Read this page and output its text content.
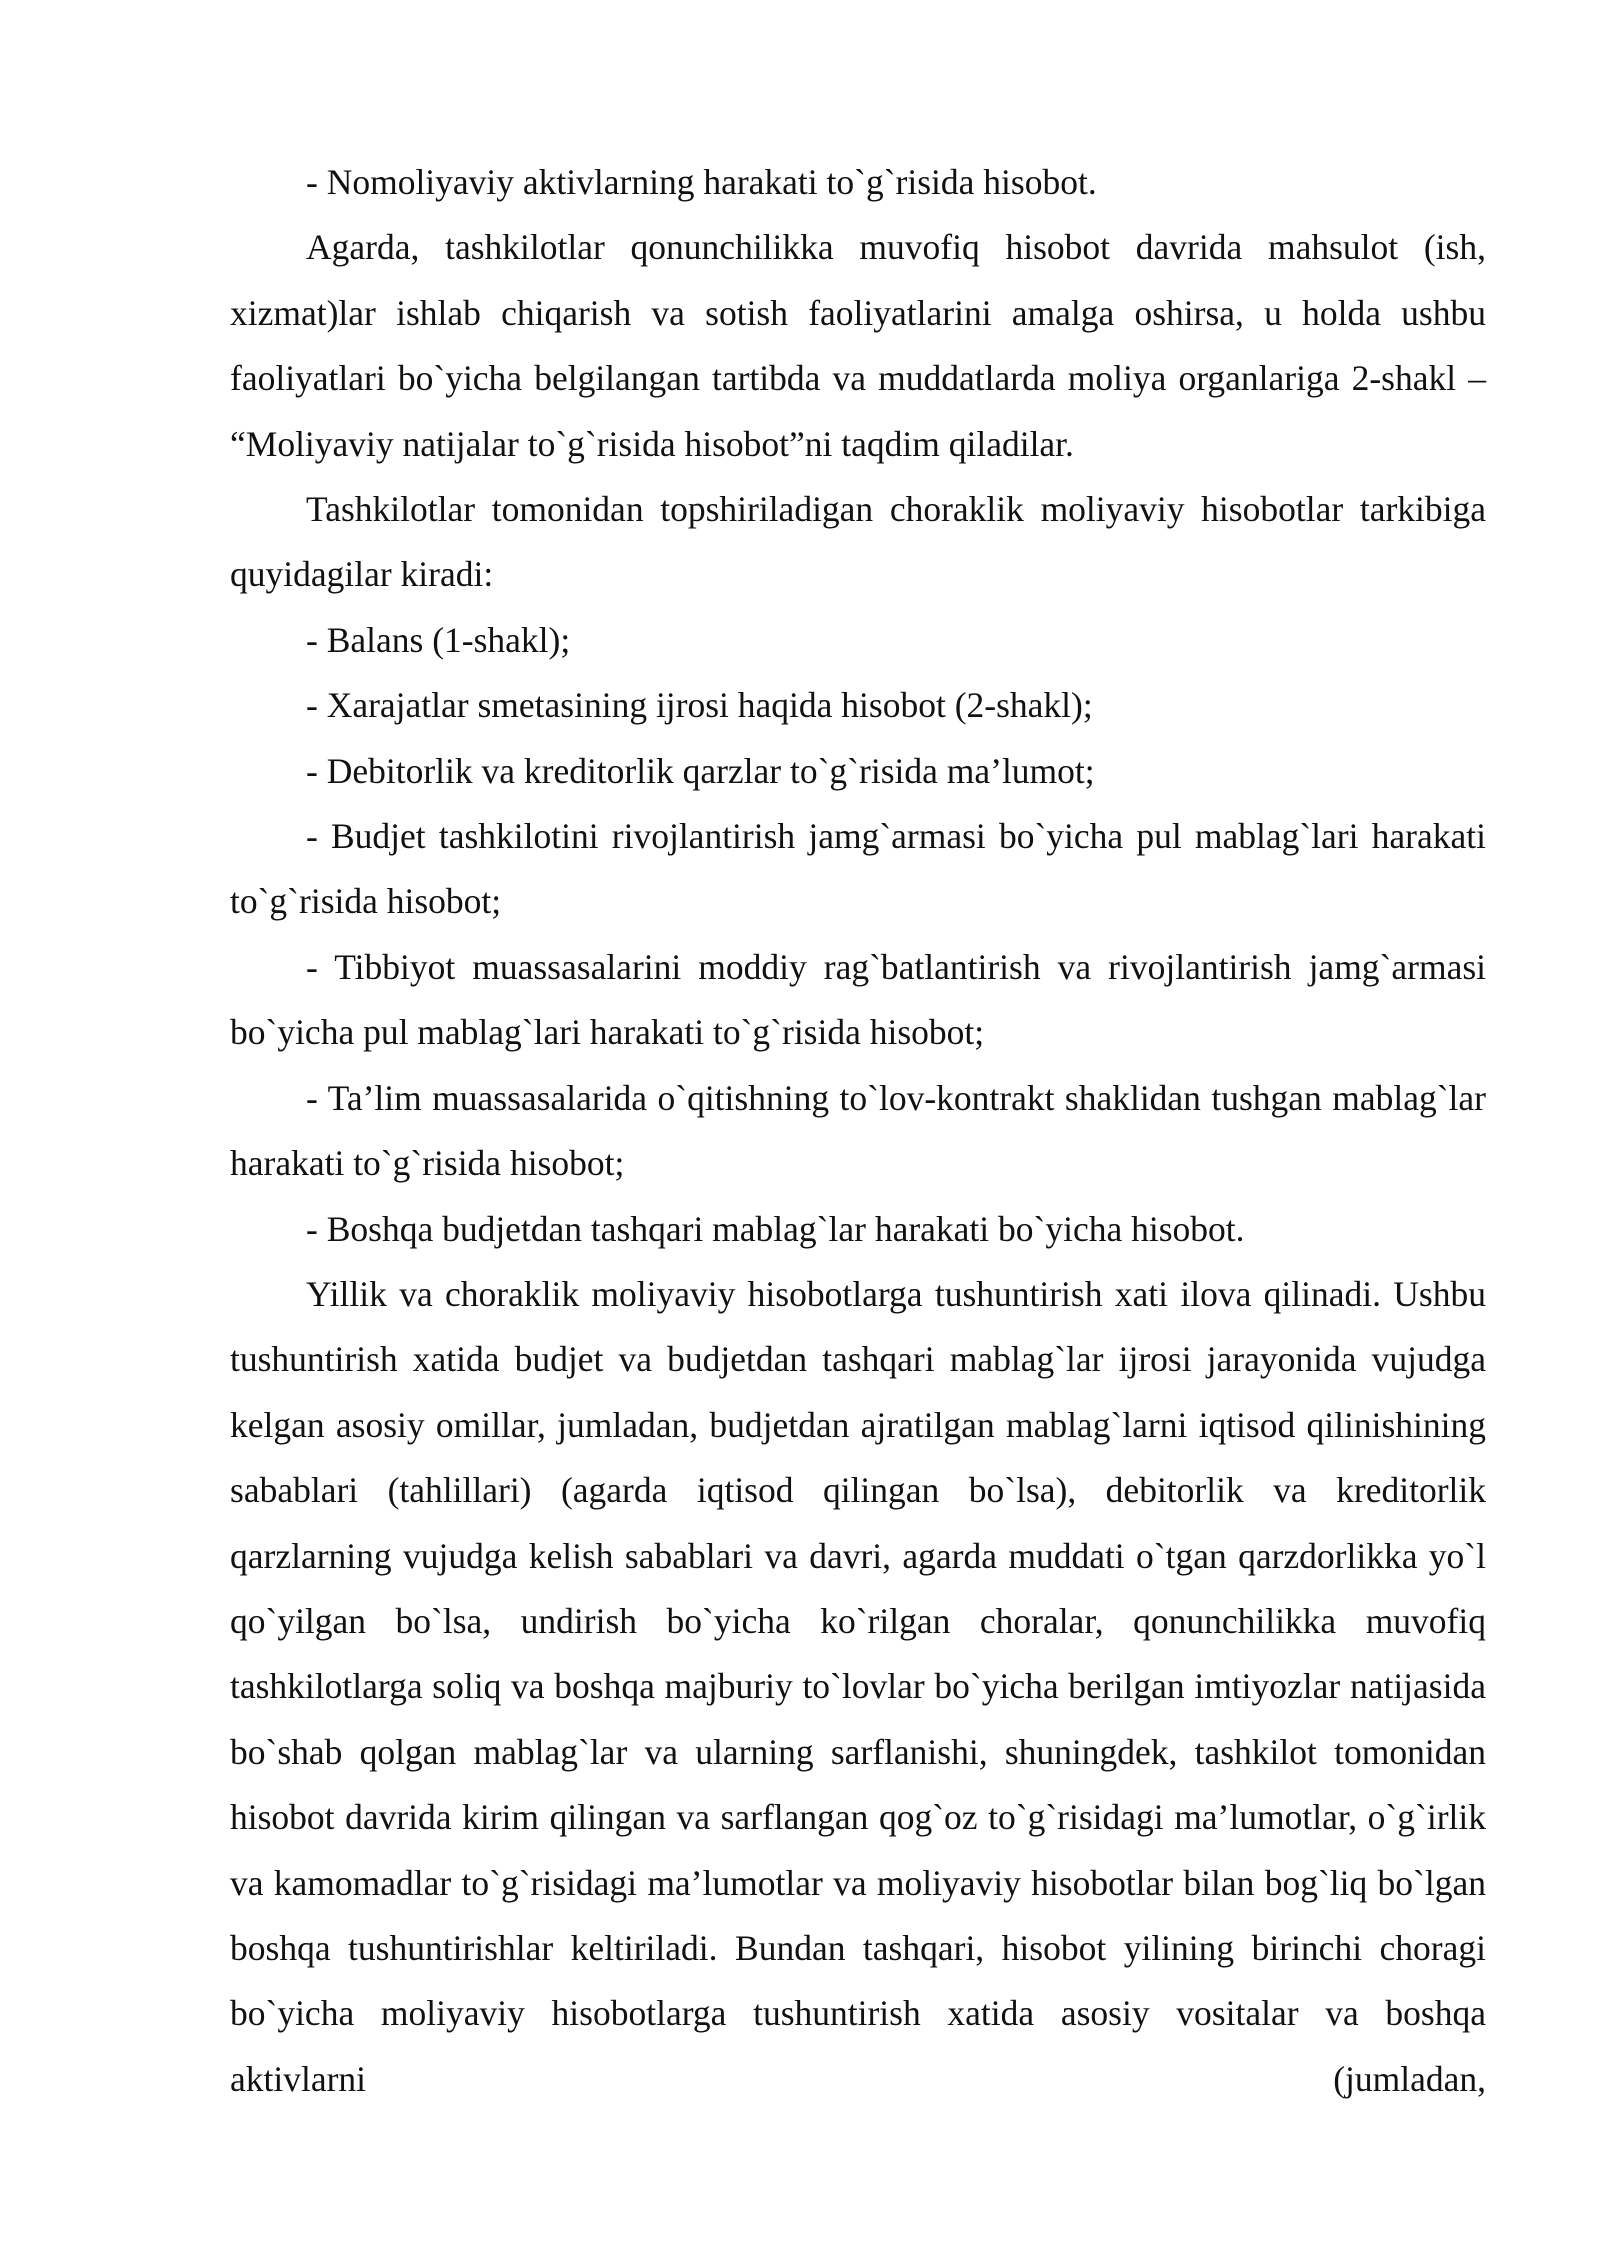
- Nomoliyaviy aktivlarning harakati to`g`risida hisobot.

Agarda, tashkilotlar qonunchilikka muvofiq hisobot davrida mahsulot (ish, xizmat)lar ishlab chiqarish va sotish faoliyatlarini amalga oshirsa, u holda ushbu faoliyatlari bo`yicha belgilangan tartibda va muddatlarda moliya organlariga 2-shakl – “Moliyaviy natijalar to`g`risida hisobot”ni taqdim qiladilar.

Tashkilotlar tomonidan topshiriladigan choraklik moliyaviy hisobotlar tarkibiga quyidagilar kiradi:

- Balans (1-shakl);

- Xarajatlar smetasining ijrosi haqida hisobot (2-shakl);

- Debitorlik va kreditorlik qarzlar to`g`risida ma’lumot;

- Budjet tashkilotini rivojlantirish jamg`armasi bo`yicha pul mablag`lari harakati to`g`risida hisobot;

- Tibbiyot muassasalarini moddiy rag`batlantirish va rivojlantirish jamg`armasi bo`yicha pul mablag`lari harakati to`g`risida hisobot;

- Ta’lim muassasalarida o`qitishning to`lov-kontrakt shaklidan tushgan mablag`lar harakati to`g`risida hisobot;

- Boshqa budjetdan tashqari mablag`lar harakati bo`yicha hisobot.

Yillik va choraklik moliyaviy hisobotlarga tushuntirish xati ilova qilinadi. Ushbu tushuntirish xatida budjet va budjetdan tashqari mablag`lar ijrosi jarayonida vujudga kelgan asosiy omillar, jumladan, budjetdan ajratilgan mablag`larni iqtisod qilinishining sabablari (tahlillari) (agarda iqtisod qilingan bo`lsa), debitorlik va kreditorlik qarzlarning vujudga kelish sabablari va davri, agarda muddati o`tgan qarzdorlikka yo`l qo`yilgan bo`lsa, undirish bo`yicha ko`rilgan choralar, qonunchilikka muvofiq tashkilotlarga soliq va boshqa majburiy to`lovlar bo`yicha berilgan imtiyozlar natijasida bo`shab qolgan mablag`lar va ularning sarflanishi, shuningdek, tashkilot tomonidan hisobot davrida kirim qilingan va sarflangan qog`oz to`g`risidagi ma’lumotlar, o`g`irlik va kamomadlar to`g`risidagi ma’lumotlar va moliyaviy hisobotlar bilan bog`liq bo`lgan boshqa tushuntirishlar keltiriladi. Bundan tashqari, hisobot yilining birinchi choragi bo`yicha moliyaviy hisobotlarga tushuntirish xatida asosiy vositalar va boshqa aktivlarni (jumladan,
